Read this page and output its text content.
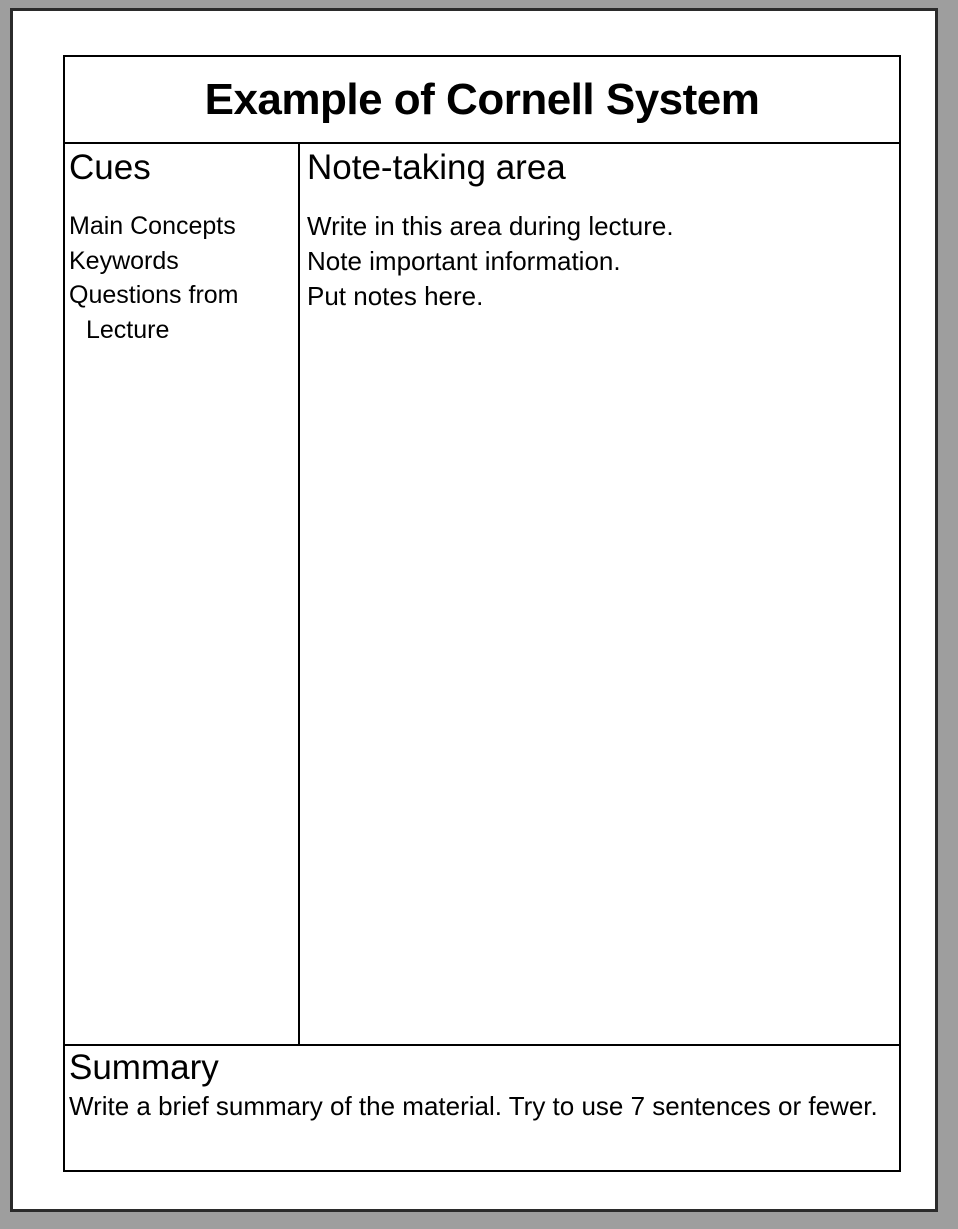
Example of Cornell System
Cues
Main Concepts
Keywords
Questions from
Lecture
Note-taking area
Write in this area during lecture.
Note important information.
Put notes here.
Summary
Write a brief summary of the material. Try to use 7 sentences or fewer.
